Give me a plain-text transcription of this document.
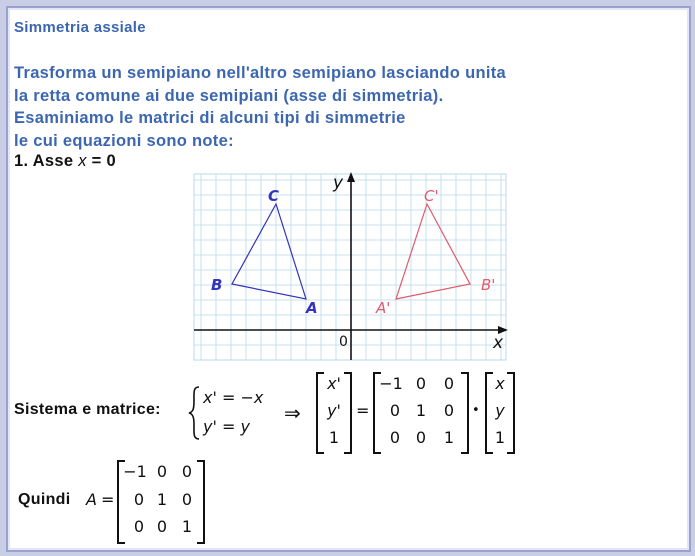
Simmetria assiale
Trasforma un semipiano nell'altro semipiano lasciando unita
la retta comune ai due semipiani (asse di simmetria).
Esaminiamo le matrici di alcuni tipi di simmetrie
le cui equazioni sono note:
1. Asse x = 0
y
x
0
C
B
A
C'
B'
A'
Sistema e matrice:
x' = −x
y' = y
⇒
x'
y'
1
=
−1 0	0
0 1	0
0 0	1
•
x
y
1
Quindi A =
−1 0 0
0 1 0
0 0 1
